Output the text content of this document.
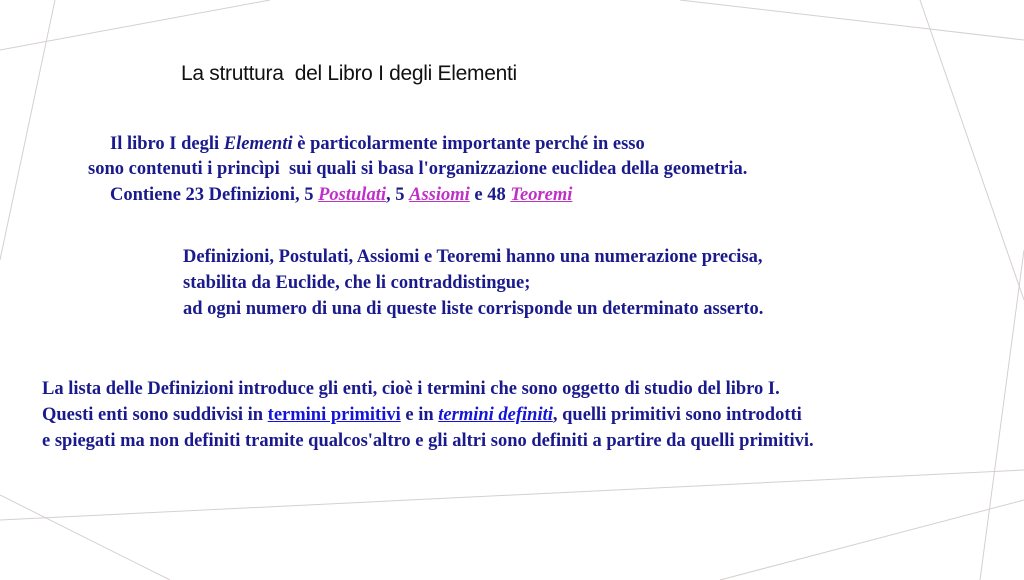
La struttura  del Libro I degli Elementi
Il libro I degli Elementi è particolarmente importante perché in esso
sono contenuti i princìpi  sui quali si basa l'organizzazione euclidea della geometria.
Contiene 23 Definizioni, 5 Postulati, 5 Assiomi e 48 Teoremi
Definizioni, Postulati, Assiomi e Teoremi hanno una numerazione precisa,
stabilita da Euclide, che li contraddistingue;
ad ogni numero di una di queste liste corrisponde un determinato asserto.
La lista delle Definizioni introduce gli enti, cioè i termini che sono oggetto di studio del libro I.
Questi enti sono suddivisi in termini primitivi e in termini definiti, quelli primitivi sono introdotti
e spiegati ma non definiti tramite qualcos'altro e gli altri sono definiti a partire da quelli primitivi.
